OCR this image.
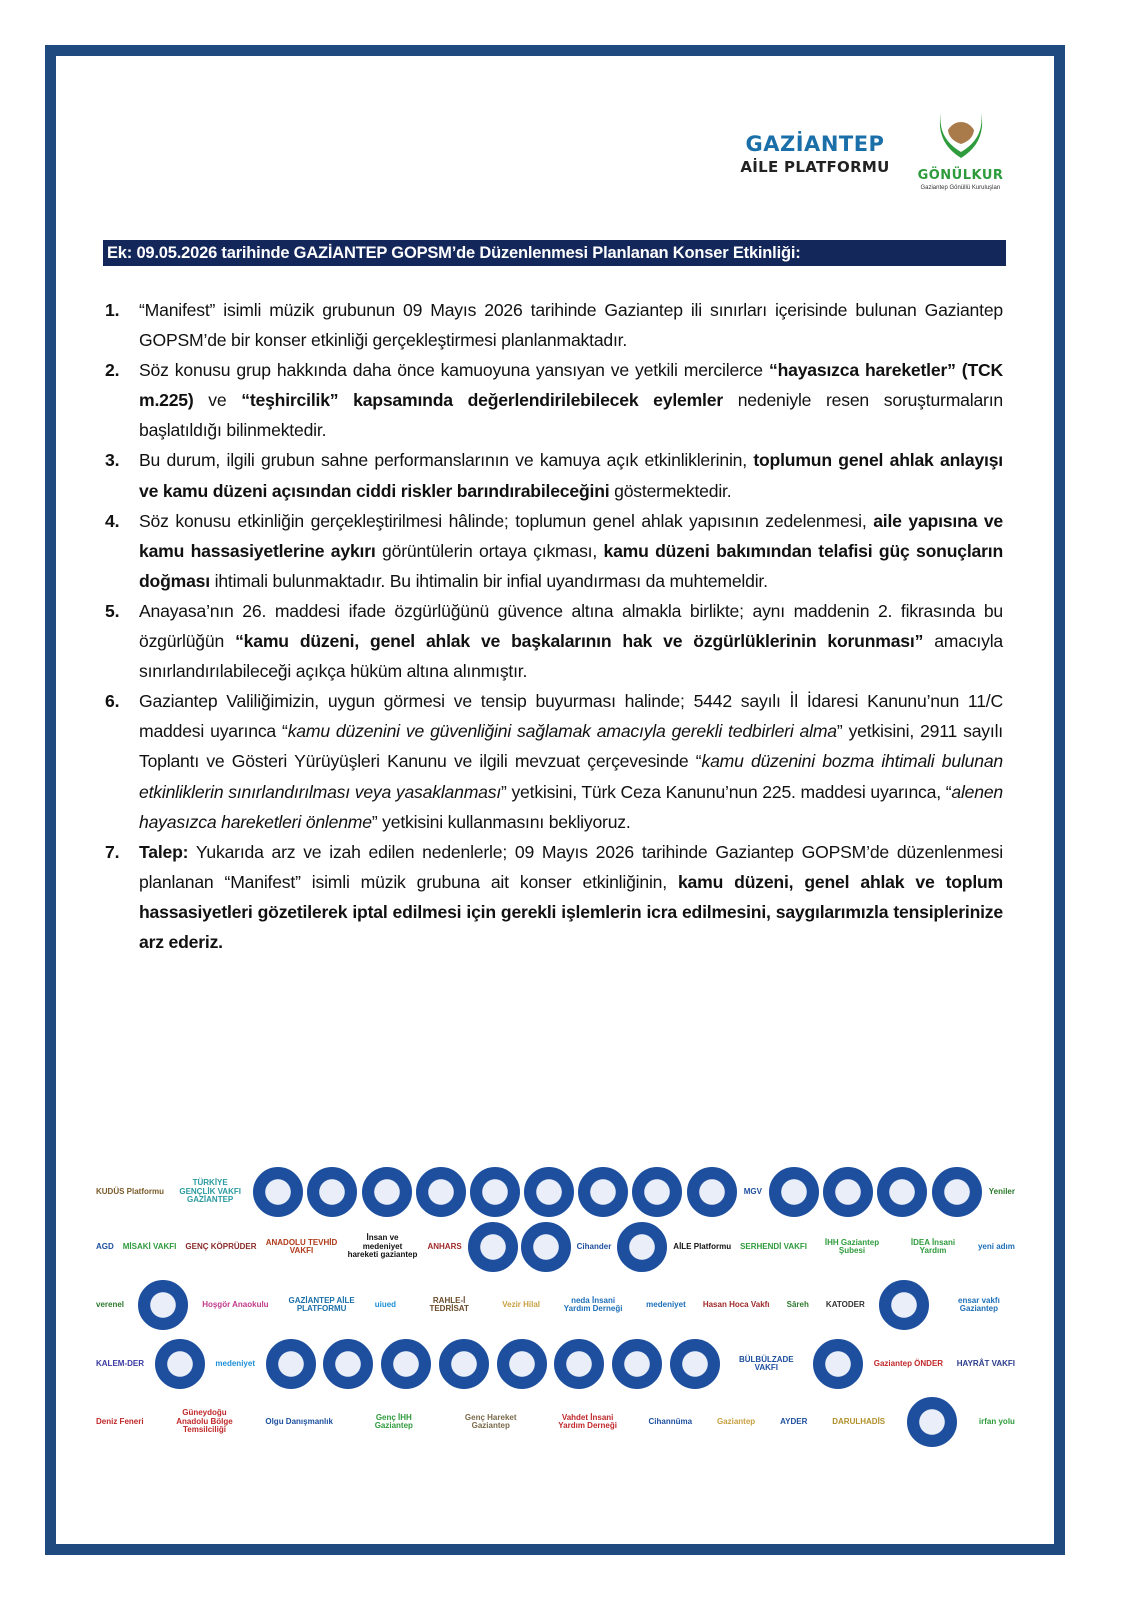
GAZİANTEP
AİLE PLATFORMU	GÖNÜLKUR
Gaziantep Gönüllü Kuruluşları
Ek: 09.05.2026 tarihinde GAZİANTEP GOPSM’de Düzenlenmesi Planlanan Konser Etkinliği:
1. “Manifest” isimli müzik grubunun 09 Mayıs 2026 tarihinde Gaziantep ili sınırları içerisinde bulunan Gaziantep GOPSM’de bir konser etkinliği gerçekleştirmesi planlanmaktadır.
2. Söz konusu grup hakkında daha önce kamuoyuna yansıyan ve yetkili mercilerce “hayasızca hareketler” (TCK m.225) ve “teşhircilik” kapsamında değerlendirilebilecek eylemler nedeniyle resen soruşturmaların başlatıldığı bilinmektedir.
3. Bu durum, ilgili grubun sahne performanslarının ve kamuya açık etkinliklerinin, toplumun genel ahlak anlayışı ve kamu düzeni açısından ciddi riskler barındırabileceğini göstermektedir.
4. Söz konusu etkinliğin gerçekleştirilmesi hâlinde; toplumun genel ahlak yapısının zedelenmesi, aile yapısına ve kamu hassasiyetlerine aykırı görüntülerin ortaya çıkması, kamu düzeni bakımından telafisi güç sonuçların doğması ihtimali bulunmaktadır. Bu ihtimalin bir infial uyandırması da muhtemeldir.
5. Anayasa’nın 26. maddesi ifade özgürlüğünü güvence altına almakla birlikte; aynı maddenin 2. fikrasında bu özgürlüğün “kamu düzeni, genel ahlak ve başkalarının hak ve özgürlüklerinin korunması” amacıyla sınırlandırılabileceği açıkça hüküm altına alınmıştır.
6. Gaziantep Valiliğimizin, uygun görmesi ve tensip buyurması halinde; 5442 sayılı İl İdaresi Kanunu’nun 11/C maddesi uyarınca “kamu düzenini ve güvenliğini sağlamak amacıyla gerekli tedbirleri alma” yetkisini, 2911 sayılı Toplantı ve Gösteri Yürüyüşleri Kanunu ve ilgili mevzuat çerçevesinde “kamu düzenini bozma ihtimali bulunan etkinliklerin sınırlandırılması veya yasaklanması” yetkisini, Türk Ceza Kanunu’nun 225. maddesi uyarınca, “alenen hayasızca hareketleri önlenme” yetkisini kullanmasını bekliyoruz.
7. Talep: Yukarıda arz ve izah edilen nedenlerle; 09 Mayıs 2026 tarihinde Gaziantep GOPSM’de düzenlenmesi planlanan “Manifest” isimli müzik grubuna ait konser etkinliğinin, kamu düzeni, genel ahlak ve toplum hassasiyetleri gözetilerek iptal edilmesi için gerekli işlemlerin icra edilmesini, saygılarımızla tensiplerinize arz ederiz.
KUDÜS Platformu
TÜRKİYE GENÇLİK VAKFI GAZİANTEP
MGV	Yeniler
AGD MİSAKİ VAKFI GENÇ KÖPRÜDER ANADOLU TEVHİD VAKFI
İnsan ve medeniyet hareketi gaziantep
ANHARS	Cihander	AİLE Platformu SERHENDİ VAKFI	İHH Gaziantep Şubesi
İDEA İnsani Yardım	yeni adım
verenel	Hoşgör Anaokulu	GAZİANTEP AİLE PLATFORMU	uiued	RAHLE-İ TEDRİSAT	Vezir Hilal	neda İnsani Yardım Derneği	medeniyet Hasan Hoca Vakfı Sâreh KATODER	ensar vakfı Gaziantep
KALEM-DER	medeniyet	BÜLBÜLZADE VAKFI	Gaziantep ÖNDER HAYRÂT VAKFI
Deniz Feneri
Güneydoğu Anadolu Bölge Temsilciliği
Olgu Danışmanlık	Genç İHH Gaziantep
Genç Hareket Gaziantep
Vahdet İnsani Yardım Derneği	Cihannüma	Gaziantep	AYDER	DARULHADİS	irfan yolu
